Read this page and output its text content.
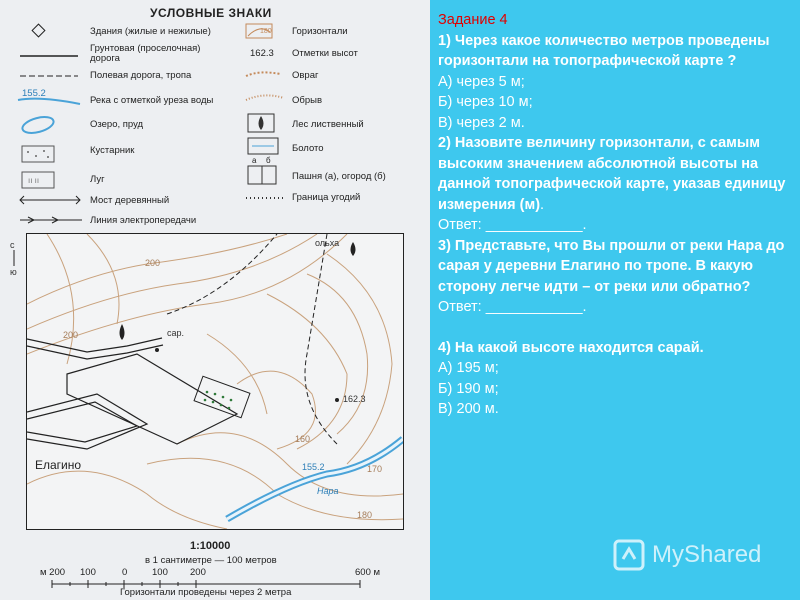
УСЛОВНЫЕ ЗНАКИ
ıı ıı
Здания (жилые и нежилые)
Грунтовая (проселочная)
дорога
Полевая дорога, тропа
155.2
Река с отметкой уреза воды
Озеро, пруд
Кустарник
Луг
Мост деревянный
Линия электропередачи
180
162.3
Горизонтали
Отметки высот
Овраг
Обрыв
Лес лиственный
Болото
а б
Пашня (а), огород (б)
Граница угодий
с
ю
сар.
ольха
162.3
155.2
Нара
Елагино
200
200
160
170
180
1:10000
в 1 сантиметре — 100 метров
м 200 100	0	100 200	600 м
Горизонтали проведены через 2 метра

Задание 4

1) Через какое количество метров проведены горизонтали на топографической карте ?

А) через 5 м;

Б) через 10 м;

В) через 2 м.

2) Назовите величину горизонтали, с самым высоким значением абсолютной высоты на данной топографической карте, указав единицу измерения (м).

Ответ: ____________.

3) Представьте, что Вы прошли от реки Нара до сарая у деревни Елагино по тропе. В какую сторону легче идти – от реки или обратно?

Ответ: ____________.

4) На какой высоте находится сарай.

А) 195 м;

Б) 190 м;

В) 200 м.

MyShared
